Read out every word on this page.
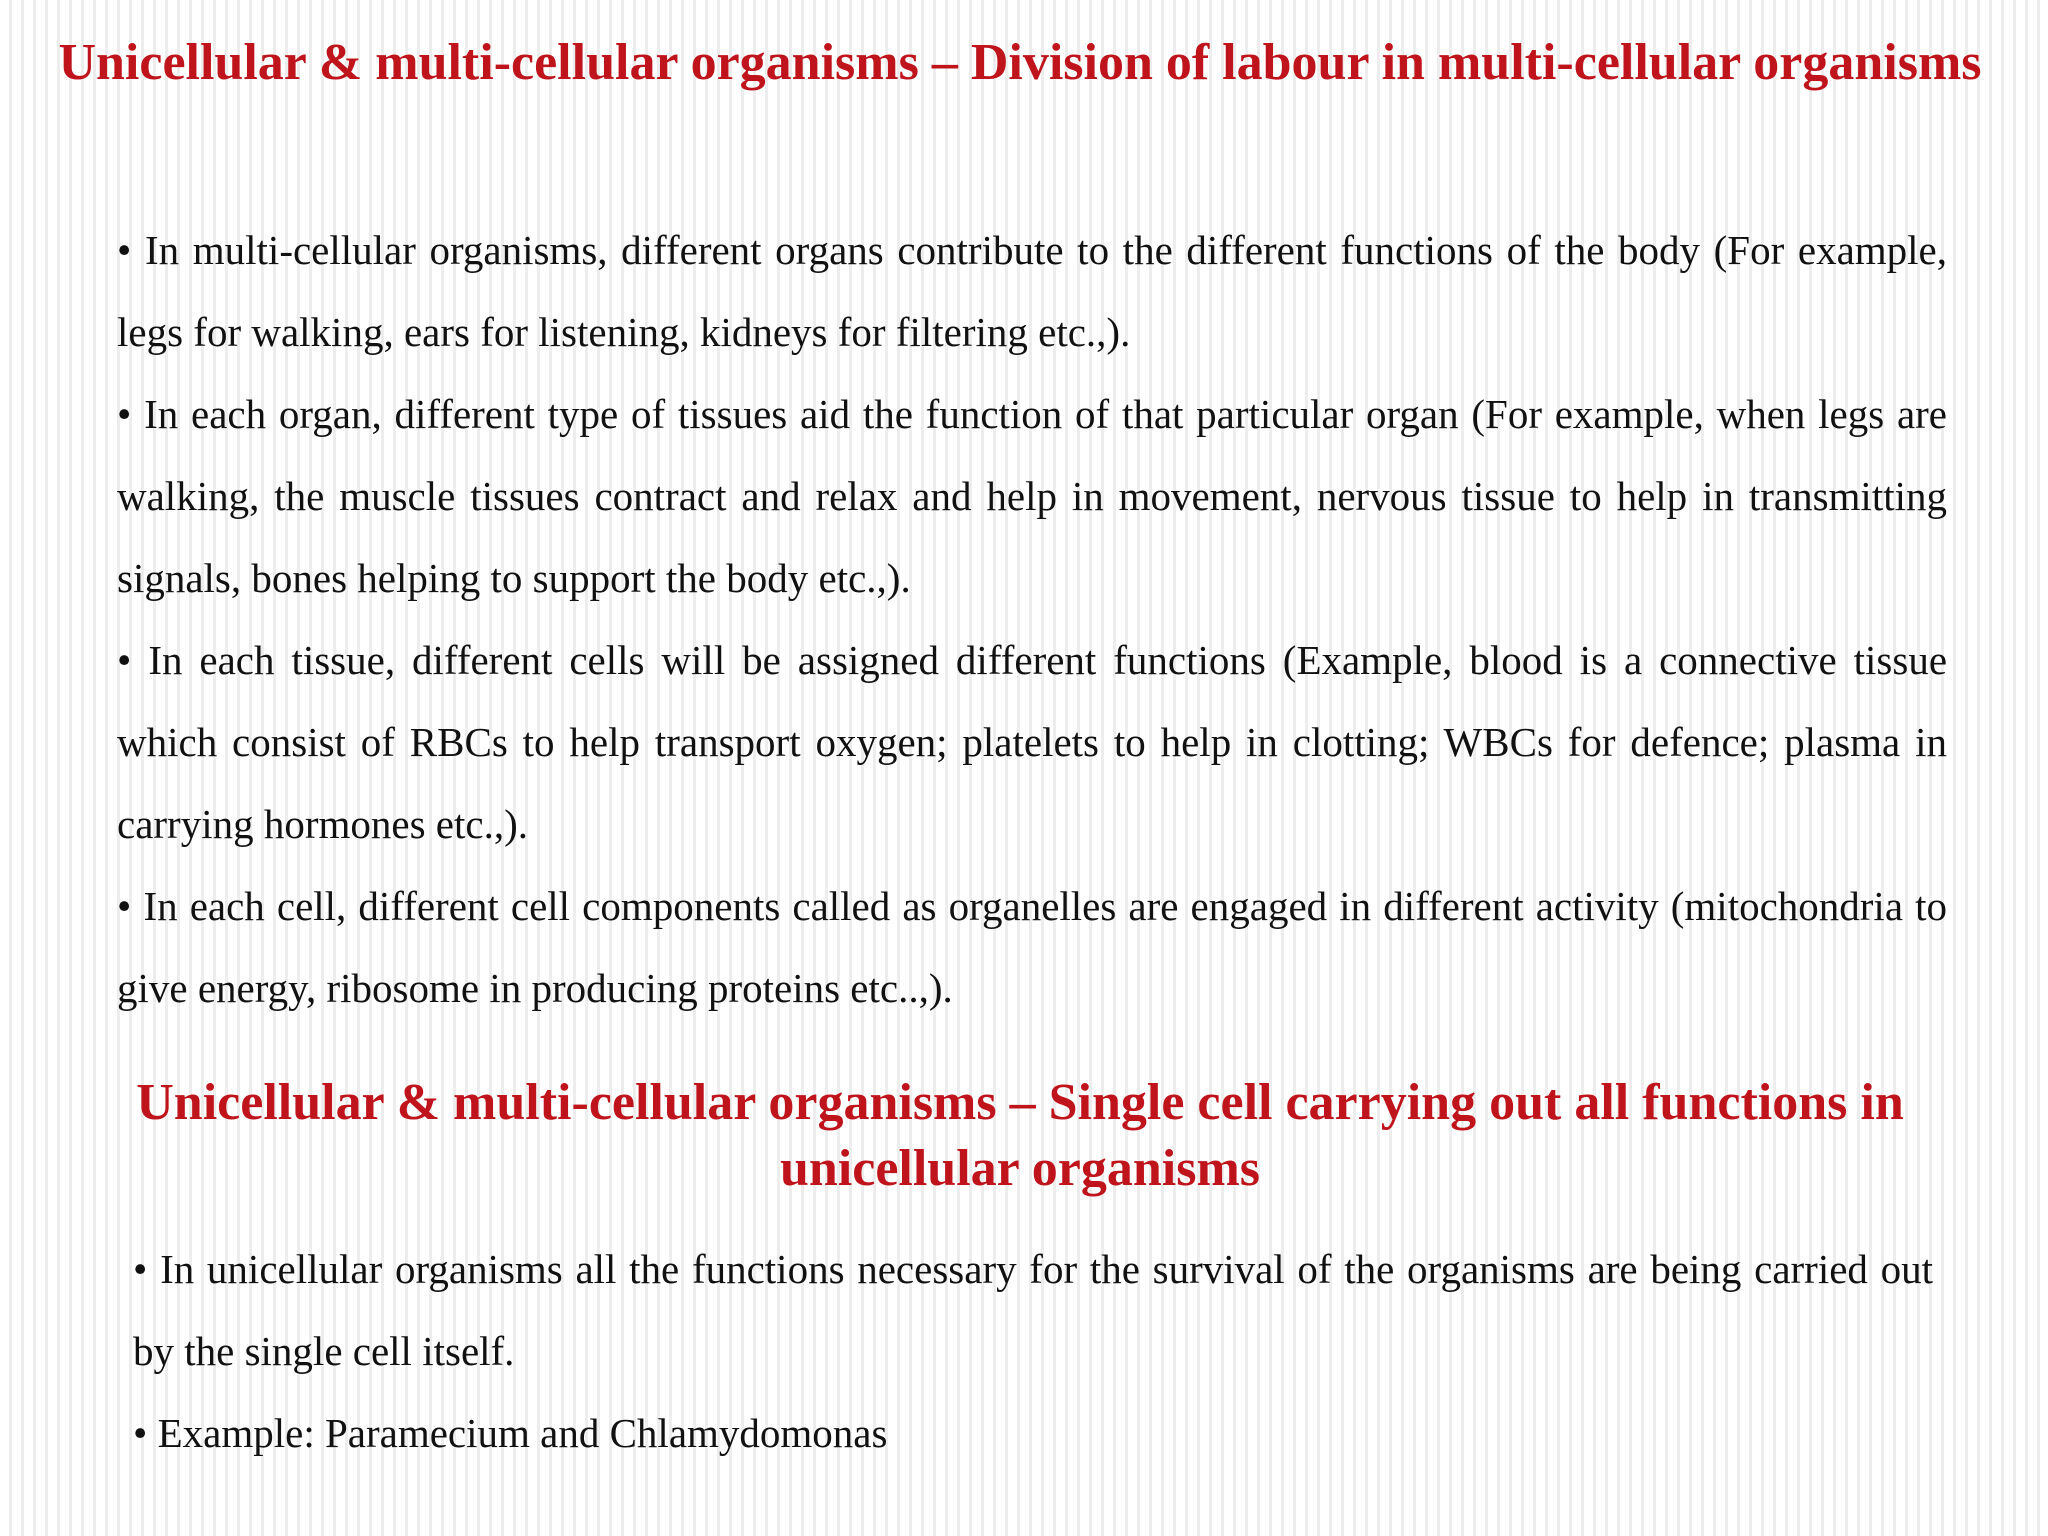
Unicellular & multi-cellular organisms – Division of labour in multi-cellular organisms
• In multi-cellular organisms, different organs contribute to the different functions of the body (For example, legs for walking, ears for listening, kidneys for filtering etc.,).
• In each organ, different type of tissues aid the function of that particular organ (For example, when legs are walking, the muscle tissues contract and relax and help in movement, nervous tissue to help in transmitting signals, bones helping to support the body etc.,).
• In each tissue, different cells will be assigned different functions (Example, blood is a connective tissue which consist of RBCs to help transport oxygen; platelets to help in clotting; WBCs for defence; plasma in carrying hormones etc.,).
• In each cell, different cell components called as organelles are engaged in different activity (mitochondria to give energy, ribosome in producing proteins etc..,).
Unicellular & multi-cellular organisms – Single cell carrying out all functions in unicellular organisms
• In unicellular organisms all the functions necessary for the survival of the organisms are being carried out by the single cell itself.
• Example: Paramecium and Chlamydomonas
